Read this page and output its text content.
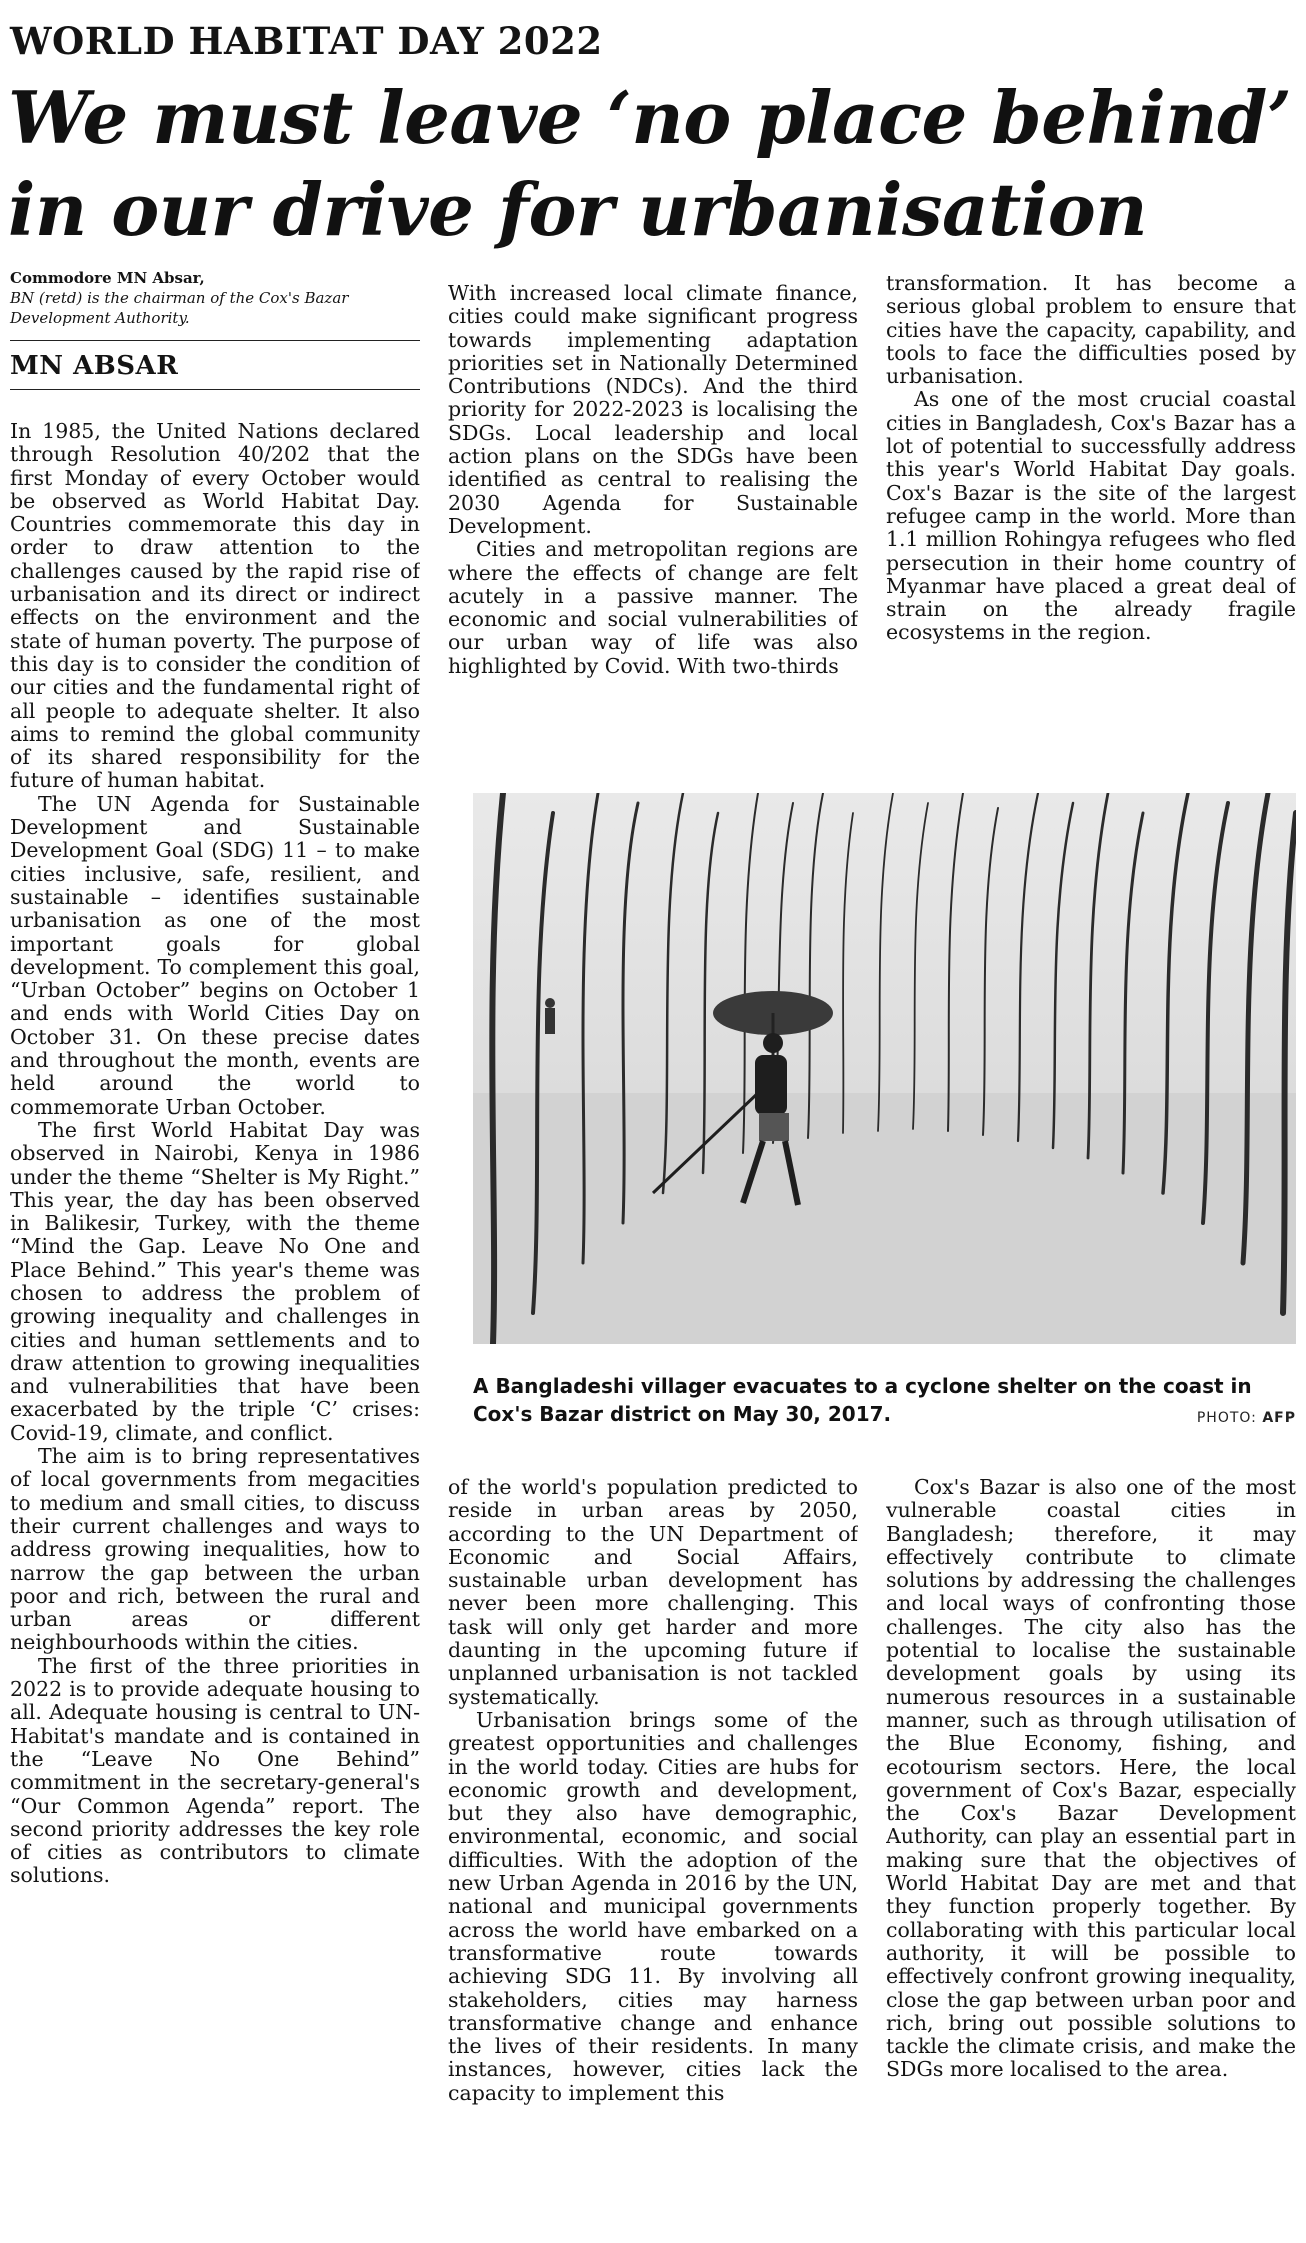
WORLD HABITAT DAY 2022
We must leave ‘no place behind’
in our drive for urbanisation

Commodore MN Absar,

BN (retd) is the chairman of the Cox's Bazar Development Authority.

MN ABSAR

In 1985, the United Nations declared through Resolution 40/202 that the first Monday of every October would be observed as World Habitat Day. Countries commemorate this day in order to draw attention to the challenges caused by the rapid rise of urbanisation and its direct or indirect effects on the environment and the state of human poverty. The purpose of this day is to consider the condition of our cities and the fundamental right of all people to adequate shelter. It also aims to remind the global community of its shared responsibility for the future of human habitat.

The UN Agenda for Sustainable Development and Sustainable Development Goal (SDG) 11 – to make cities inclusive, safe, resilient, and sustainable – identifies sustainable urbanisation as one of the most important goals for global development. To complement this goal, “Urban October” begins on October 1 and ends with World Cities Day on October 31. On these precise dates and throughout the month, events are held around the world to commemorate Urban October.

The first World Habitat Day was observed in Nairobi, Kenya in 1986 under the theme “Shelter is My Right.” This year, the day has been observed in Balikesir, Turkey, with the theme “Mind the Gap. Leave No One and Place Behind.” This year's theme was chosen to address the problem of growing inequality and challenges in cities and human settlements and to draw attention to growing inequalities and vulnerabilities that have been exacerbated by the triple ‘C’ crises: Covid-19, climate, and conflict.

The aim is to bring representatives of local governments from megacities to medium and small cities, to discuss their current challenges and ways to address growing inequalities, how to narrow the gap between the urban poor and rich, between the rural and urban areas or different neighbourhoods within the cities.

The first of the three priorities in 2022 is to provide adequate housing to all. Adequate housing is central to UN-Habitat's mandate and is contained in the “Leave No One Behind” commitment in the secretary-general's “Our Common Agenda” report. The second priority addresses the key role of cities as contributors to climate solutions.

With increased local climate finance, cities could make significant progress towards implementing adaptation priorities set in Nationally Determined Contributions (NDCs). And the third priority for 2022-2023 is localising the SDGs. Local leadership and local action plans on the SDGs have been identified as central to realising the 2030 Agenda for Sustainable Development.

Cities and metropolitan regions are where the effects of change are felt acutely in a passive manner. The economic and social vulnerabilities of our urban way of life was also highlighted by Covid. With two-thirds

transformation. It has become a serious global problem to ensure that cities have the capacity, capability, and tools to face the difficulties posed by urbanisation.

As one of the most crucial coastal cities in Bangladesh, Cox's Bazar has a lot of potential to successfully address this year's World Habitat Day goals. Cox's Bazar is the site of the largest refugee camp in the world. More than 1.1 million Rohingya refugees who fled persecution in their home country of Myanmar have placed a great deal of strain on the already fragile ecosystems in the region.

A Bangladeshi villager evacuates to a cyclone shelter on the coast in Cox's Bazar district on May 30, 2017.	PHOTO: AFP

of the world's population predicted to reside in urban areas by 2050, according to the UN Department of Economic and Social Affairs, sustainable urban development has never been more challenging. This task will only get harder and more daunting in the upcoming future if unplanned urbanisation is not tackled systematically.

Urbanisation brings some of the greatest opportunities and challenges in the world today. Cities are hubs for economic growth and development, but they also have demographic, environmental, economic, and social difficulties. With the adoption of the new Urban Agenda in 2016 by the UN, national and municipal governments across the world have embarked on a transformative route towards achieving SDG 11. By involving all stakeholders, cities may harness transformative change and enhance the lives of their residents. In many instances, however, cities lack the capacity to implement this

Cox's Bazar is also one of the most vulnerable coastal cities in Bangladesh; therefore, it may effectively contribute to climate solutions by addressing the challenges and local ways of confronting those challenges. The city also has the potential to localise the sustainable development goals by using its numerous resources in a sustainable manner, such as through utilisation of the Blue Economy, fishing, and ecotourism sectors. Here, the local government of Cox's Bazar, especially the Cox's Bazar Development Authority, can play an essential part in making sure that the objectives of World Habitat Day are met and that they function properly together. By collaborating with this particular local authority, it will be possible to effectively confront growing inequality, close the gap between urban poor and rich, bring out possible solutions to tackle the climate crisis, and make the SDGs more localised to the area.
